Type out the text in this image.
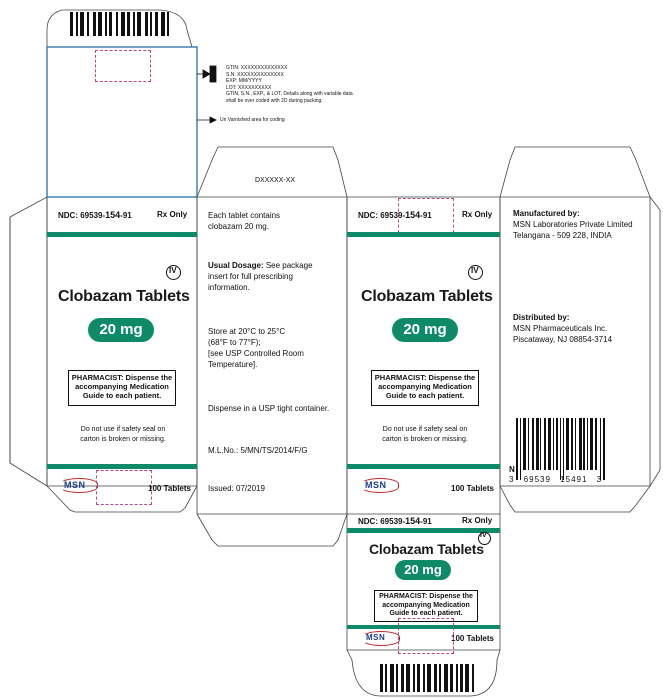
GTIN: XXXXXXXXXXXXXX
S.N: XXXXXXXXXXXXXX
EXP: MM/YYYY
LOT: XXXXXXXXXX
GTIN, S.N., EXP., & LOT, Details along with variable data
shall be over coded with 2D during packing.
Un Varnished area for coding
DXXXXX-XX
NDC: 69539-154-91	Rx Only
IV
Clobazam Tablets
20 mg
PHARMACIST: Dispense the
accompanying Medication
Guide to each patient.
Do not use if safety seal on
carton is broken or missing.
MSN	100 Tablets
Each tablet contains
clobazam 20 mg.
Usual Dosage: See package
insert for full prescribing
information.
Store at 20°C to 25°C
(68°F to 77°F);
[see USP Controlled Room
Temperature].
Dispense in a USP tight container.
M.L.No.: 5/MN/TS/2014/F/G
Issued: 07/2019
NDC: 69539-154-91	Rx Only
IV
Clobazam Tablets
20 mg
PHARMACIST: Dispense the
accompanying Medication
Guide to each patient.
Do not use if safety seal on
carton is broken or missing.
MSN	100 Tablets
Manufactured by:
MSN Laboratories Private Limited
Telangana - 509 228, INDIA
Distributed by:
MSN Pharmaceuticals Inc.
Piscataway, NJ 08854-3714
3 69539 15491 3
N
NDC: 69539-154-91	Rx Only
Clobazam Tablets
IV
20 mg
PHARMACIST: Dispense the
accompanying Medication
Guide to each patient.
MSN	100 Tablets
